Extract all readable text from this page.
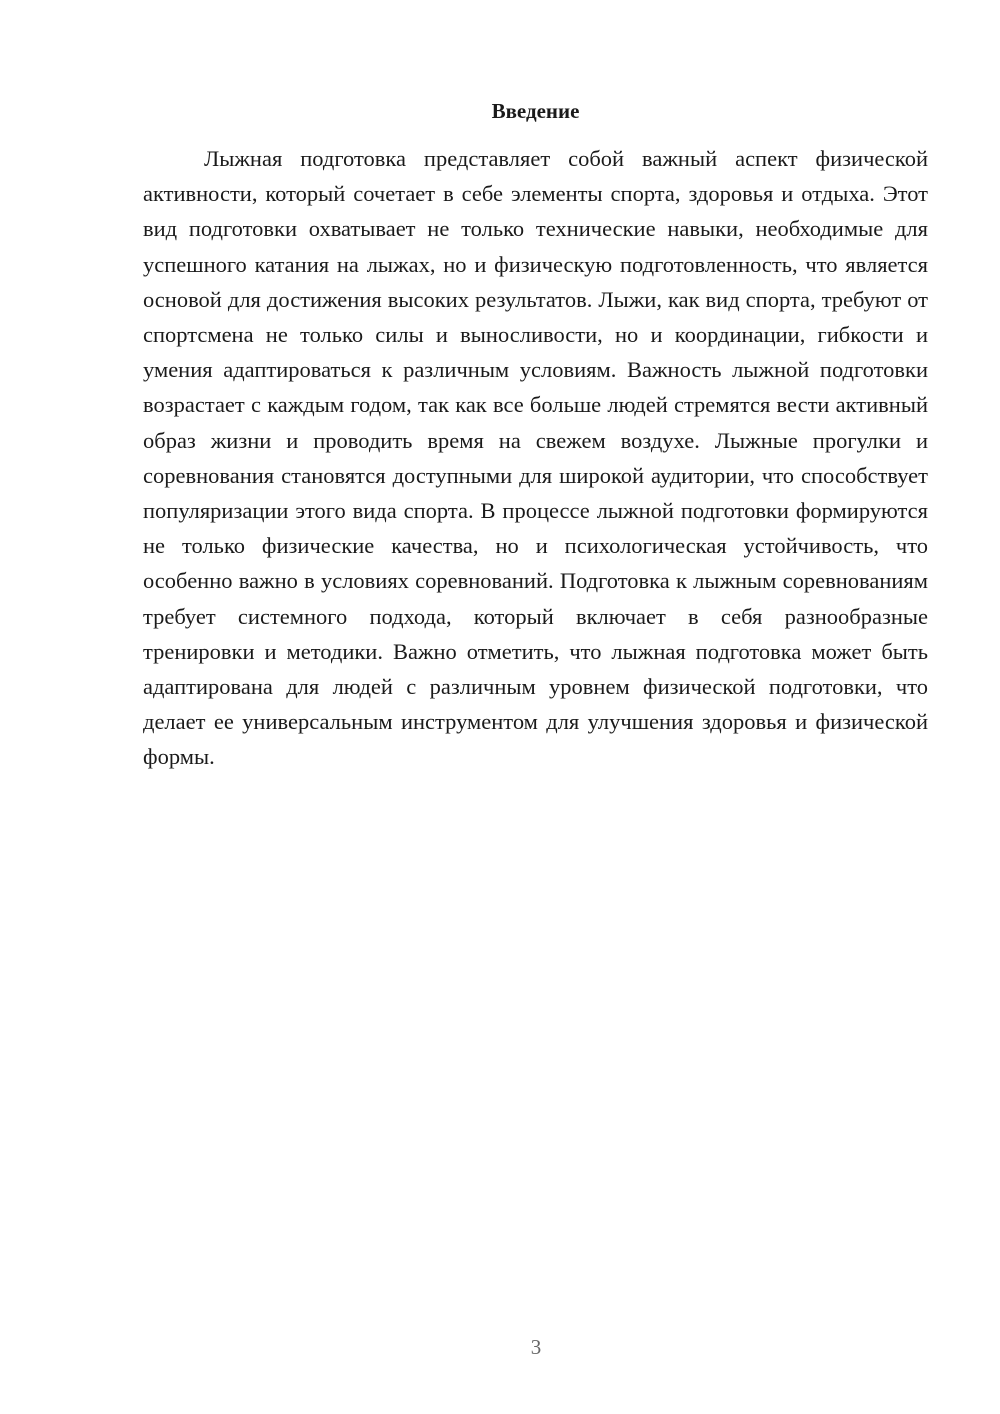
Введение

Лыжная подготовка представляет собой важный аспект физической активности, который сочетает в себе элементы спорта, здоровья и отдыха. Этот вид подготовки охватывает не только технические навыки, необходимые для успешного катания на лыжах, но и физическую подготовленность, что является основой для достижения высоких результатов. Лыжи, как вид спорта, требуют от спортсмена не только силы и выносливости, но и координации, гибкости и умения адаптироваться к различным условиям. Важность лыжной подготовки возрастает с каждым годом, так как все больше людей стремятся вести активный образ жизни и проводить время на свежем воздухе. Лыжные прогулки и соревнования становятся доступными для широкой аудитории, что способствует популяризации этого вида спорта. В процессе лыжной подготовки формируются не только физические качества, но и психологическая устойчивость, что особенно важно в условиях соревнований. Подготовка к лыжным соревнованиям требует системного подхода, который включает в себя разнообразные тренировки и методики. Важно отметить, что лыжная подготовка может быть адаптирована для людей с различным уровнем физической подготовки, что делает ее универсальным инструментом для улучшения здоровья и физической формы.

3
